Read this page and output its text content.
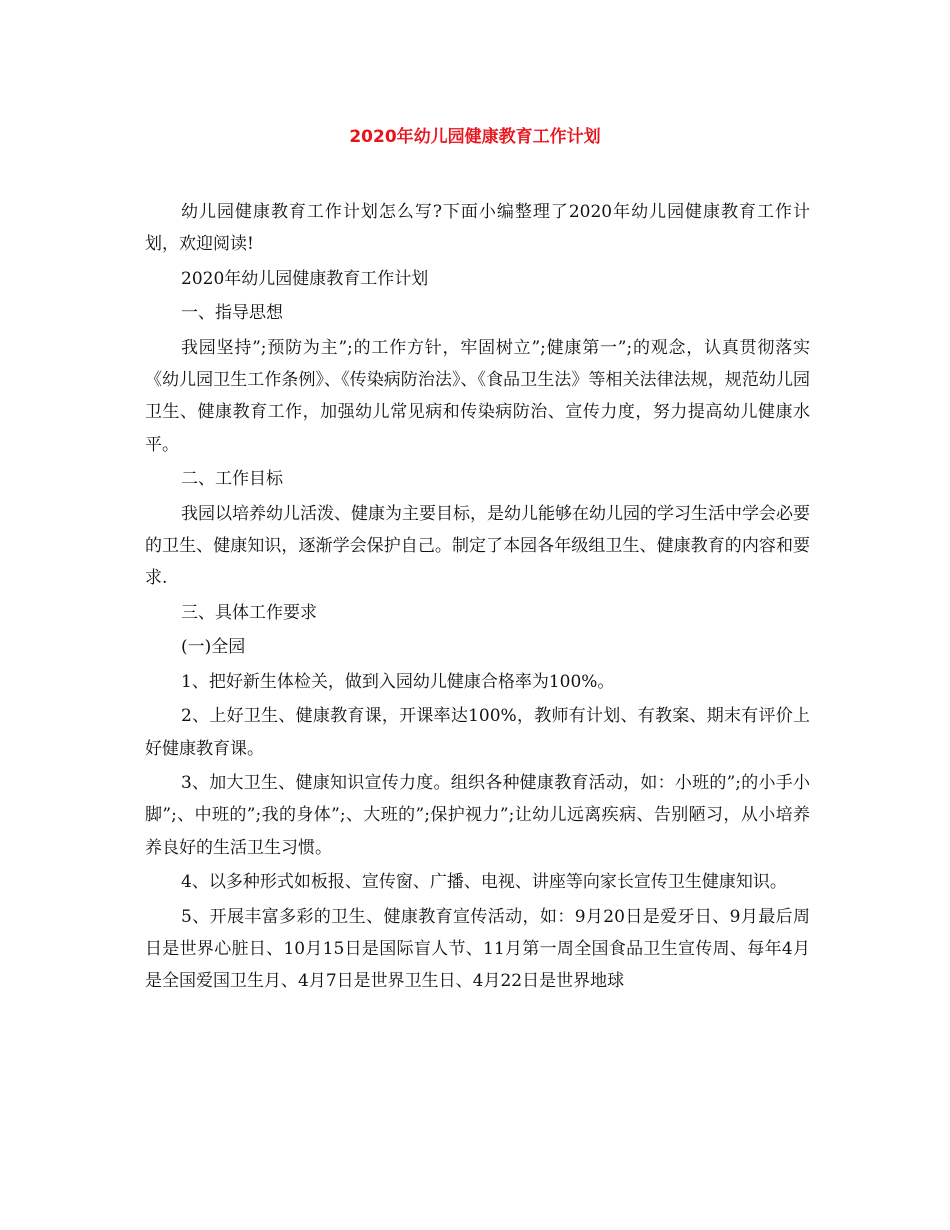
2020年幼儿园健康教育工作计划

幼儿园健康教育工作计划怎么写?下面小编整理了2020年幼儿园健康教育工作计划，欢迎阅读!

2020年幼儿园健康教育工作计划

一、指导思想

我园坚持”;预防为主”;的工作方针，牢固树立”;健康第一”;的观念，认真贯彻落实《幼儿园卫生工作条例》、《传染病防治法》、《食品卫生法》等相关法律法规，规范幼儿园卫生、健康教育工作，加强幼儿常见病和传染病防治、宣传力度，努力提高幼儿健康水平。

二、工作目标

我园以培养幼儿活泼、健康为主要目标，是幼儿能够在幼儿园的学习生活中学会必要的卫生、健康知识，逐渐学会保护自己。制定了本园各年级组卫生、健康教育的内容和要求.

三、具体工作要求

(一)全园

1、把好新生体检关，做到入园幼儿健康合格率为100%。

2、上好卫生、健康教育课，开课率达100%，教师有计划、有教案、期末有评价上好健康教育课。

3、加大卫生、健康知识宣传力度。组织各种健康教育活动，如：小班的”;的小手小脚”;、中班的”;我的身体”;、大班的”;保护视力”;让幼儿远离疾病、告别陋习，从小培养养良好的生活卫生习惯。

4、以多种形式如板报、宣传窗、广播、电视、讲座等向家长宣传卫生健康知识。

5、开展丰富多彩的卫生、健康教育宣传活动，如：9月20日是爱牙日、9月最后周日是世界心脏日、10月15日是国际盲人节、11月第一周全国食品卫生宣传周、每年4月是全国爱国卫生月、4月7日是世界卫生日、4月22日是世界地球
